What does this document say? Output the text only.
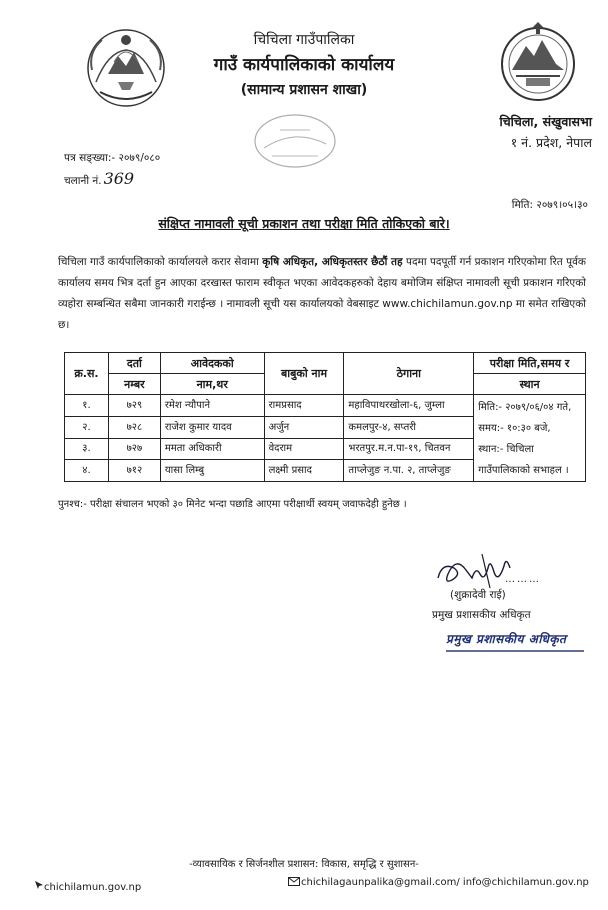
चिचिला गाउँपालिका
गाउँ कार्यपालिकाको कार्यालय
(सामान्य प्रशासन शाखा)
चिचिला, संखुवासभा
१ नं. प्रदेश, नेपाल
पत्र सङ्ख्या:- २०७९/०८०
चलानी नं. 369
मिति: २०७९।०५।३०
संक्षिप्त नामावली सूची प्रकाशन तथा परीक्षा मिति तोकिएको बारे।
चिचिला गाउँ कार्यपालिकाको कार्यालयले करार सेवामा कृषि अधिकृत, अधिकृतस्तर छैठौं तह पदमा पदपूर्ती गर्न प्रकाशन गरिएकोमा रित पूर्वक कार्यालय समय भित्र दर्ता हुन आएका दरखास्त फाराम स्वीकृत भएका आवेदकहरुको देहाय बमोजिम संक्षिप्त नामावली सूची प्रकाशन गरिएको व्यहोरा सम्बन्धित सबैमा जानकारी गराईन्छ । नामावली सूची यस कार्यालयको वेबसाइट www.chichilamun.gov.np मा समेत राखिएको छ।
क्र.स.	दर्ता	आवेदकको	बाबुको नाम	ठेगाना	परीक्षा मिति,समय र
	नम्बर	नाम,थर			स्थान
१.	७२९	रमेश न्यौपाने	रामप्रसाद	महाविपाथरखोला-६, जुम्ला	मिति:- २०७९/०६/०४ गते,
समय:- १०:३० बजे,
स्थान:- चिचिला
गाउँपालिकाको सभाहल ।

२.	७२८	राजेश कुमार यादव	अर्जुन	कमलपुर-४, सप्तरी	
३.	७२७	ममता अधिकारी	वेदराम	भरतपुर.म.न.पा-१९, चितवन	
४.	७१२	यासा लिम्बु	लक्ष्मी प्रसाद	ताप्लेजुङ न.पा. २, ताप्लेजुङ	
पुनश्च:- परीक्षा संचालन भएको ३० मिनेट भन्दा पछाडि आएमा परीक्षार्थी स्वयम् जवाफदेही हुनेछ ।
………
(शुक्रादेवी राई)
प्रमुख प्रशासकीय अधिकृत
प्रमुख प्रशासकीय अधिकृत
-व्यावसायिक र सिर्जनशील प्रशासन: विकास, समृद्धि र सुशासन-
chichilamun.gov.np	chichilagaunpalika@gmail.com/ info@chichilamun.gov.np
